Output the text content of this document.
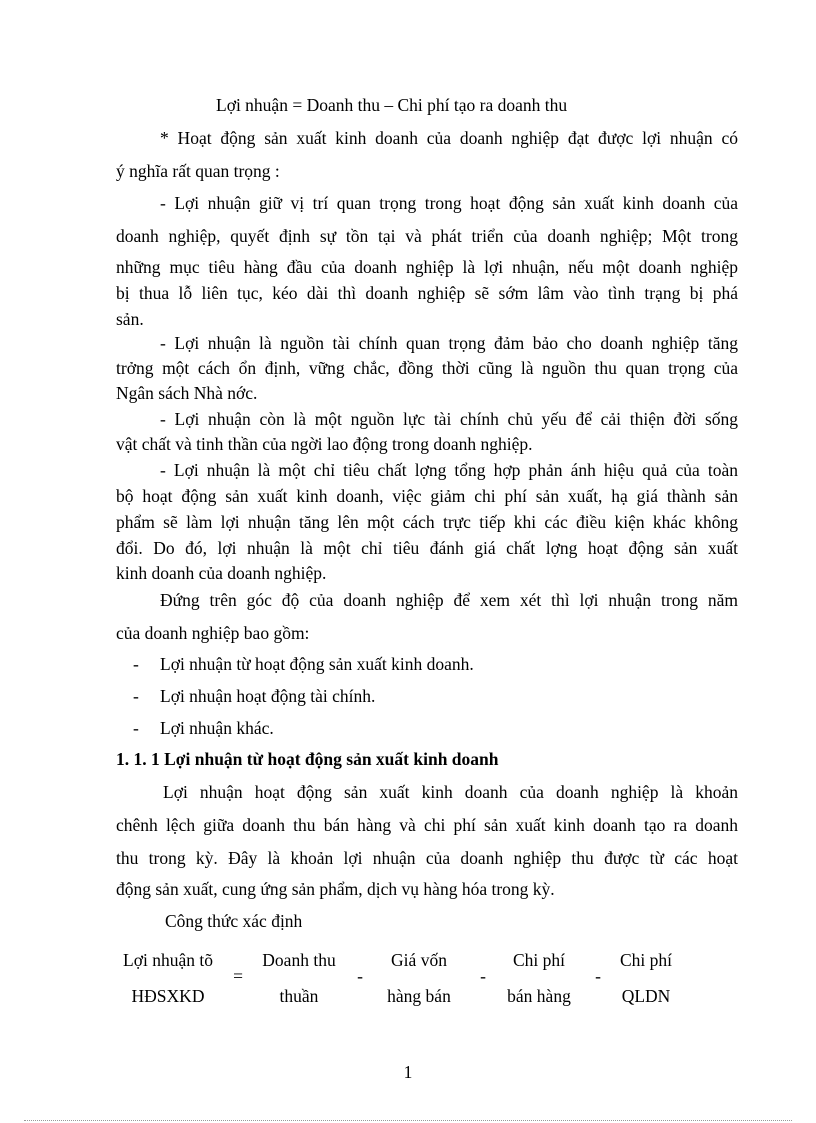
Lợi nhuận = Doanh thu – Chi phí tạo ra doanh thu
* Hoạt động sản xuất kinh doanh của doanh nghiệp đạt được lợi nhuận có
ý nghĩa rất quan trọng :
- Lợi nhuận giữ vị trí quan trọng trong hoạt động sản xuất kinh doanh của
doanh nghiệp, quyết định sự tồn tại và phát triển của doanh nghiệp; Một trong
những mục tiêu hàng đầu của doanh nghiệp là lợi nhuận, nếu một doanh nghiệp
bị thua lỗ liên tục, kéo dài thì doanh nghiệp sẽ sớm lâm vào tình trạng bị phá
sản.
- Lợi nhuận là nguồn tài chính quan trọng đảm bảo cho doanh nghiệp tăng
trởng một cách ổn định, vững chắc, đồng thời cũng là nguồn thu quan trọng của
Ngân sách Nhà nớc.
- Lợi nhuận còn là một nguồn lực tài chính chủ yếu để cải thiện đời sống
vật chất và tinh thần của ngời lao động trong doanh nghiệp.
- Lợi nhuận là một chỉ tiêu chất lợng tổng hợp phản ánh hiệu quả của toàn
bộ hoạt động sản xuất kinh doanh, việc giảm chi phí sản xuất, hạ giá thành sản
phẩm sẽ làm lợi nhuận tăng lên một cách trực tiếp khi các điều kiện khác không
đổi. Do đó, lợi nhuận là một chỉ tiêu đánh giá chất lợng hoạt động sản xuất
kinh doanh của doanh nghiệp.
Đứng trên góc độ của doanh nghiệp để xem xét thì lợi nhuận trong năm
của doanh nghiệp bao gồm:
- Lợi nhuận từ hoạt động sản xuất kinh doanh.
- Lợi nhuận hoạt động tài chính.
- Lợi nhuận khác.
1. 1. 1 Lợi nhuận từ hoạt động sản xuất kinh doanh
Lợi nhuận hoạt động sản xuất kinh doanh của doanh nghiệp là khoản
chênh lệch giữa doanh thu bán hàng và chi phí sản xuất kinh doanh tạo ra doanh
thu trong kỳ. Đây là khoản lợi nhuận của doanh nghiệp thu được từ các hoạt
động sản xuất, cung ứng sản phẩm, dịch vụ hàng hóa trong kỳ.
Công thức xác định
Lợi nhuận tõ
HĐSXKD
=
Doanh thu
thuần
-
Giá vốn
hàng bán
-
Chi phí
bán hàng
-
Chi phí
QLDN
1
